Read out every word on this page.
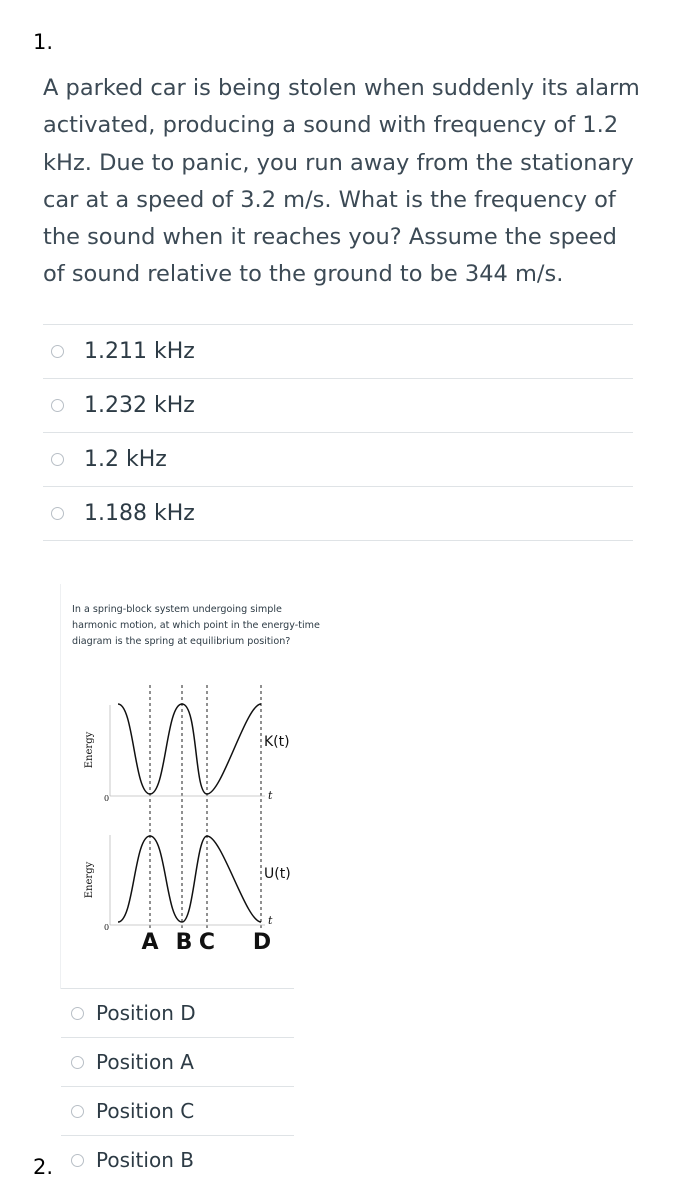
1.
A parked car is being stolen when suddenly its alarm activated, producing a sound with frequency of 1.2 kHz. Due to panic, you run away from the stationary car at a speed of 3.2 m/s. What is the frequency of the sound when it reaches you? Assume the speed of sound relative to the ground to be 344 m/s.
1.211 kHz
1.232 kHz
1.2 kHz
1.188 kHz
In a spring-block system undergoing simple harmonic motion, at which point in the energy-time diagram is the spring at equilibrium position?
Energy
Energy
0
0
t
t
K(t)
U(t)
A B C D
Position D
Position A
Position C
Position B
2.
